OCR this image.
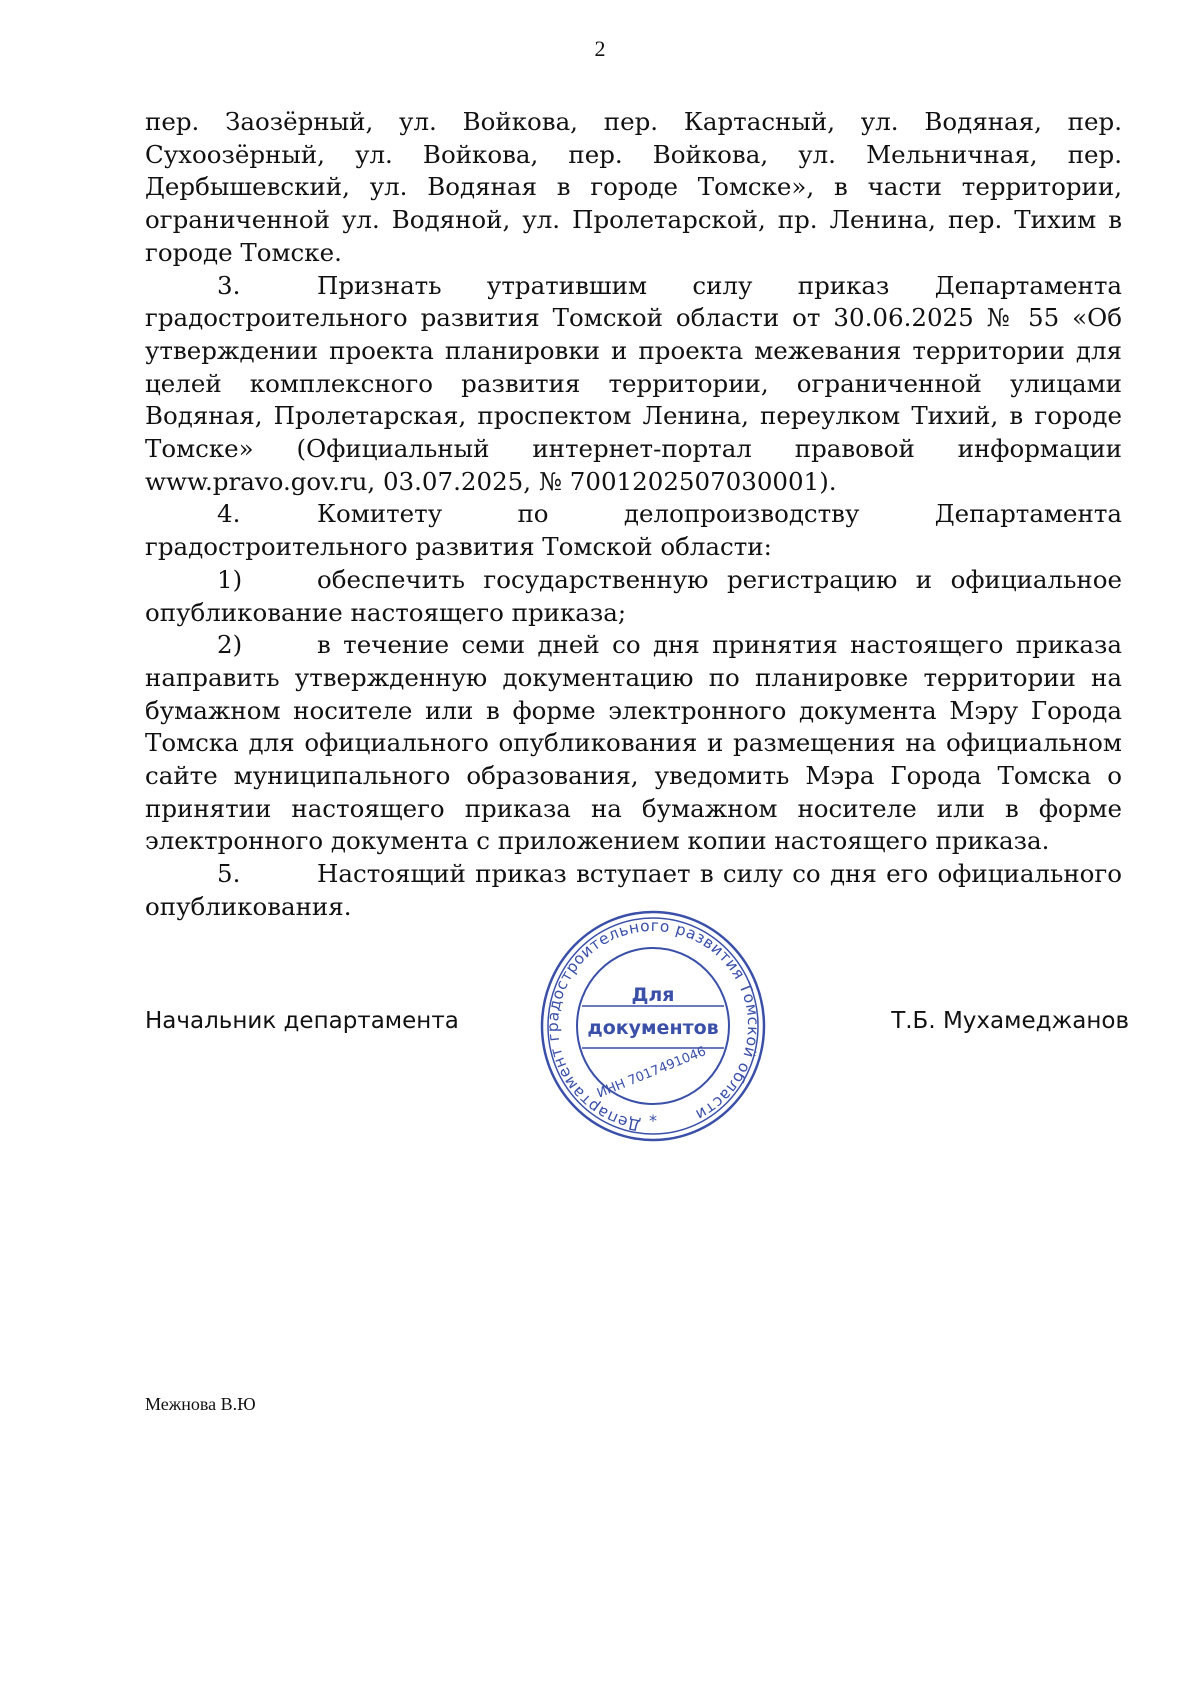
2

пер. Заозёрный, ул. Войкова, пер. Картасный, ул. Водяная, пер. Сухоозёрный, ул. Войкова, пер. Войкова, ул. Мельничная, пер. Дербышевский, ул. Водяная в городе Томске», в части территории, ограниченной ул. Водяной, ул. Пролетарской, пр. Ленина, пер. Тихим в городе Томске.

3.	Признать утратившим силу приказ Департамента градостроительного развития Томской области от 30.06.2025 № 55 «Об утверждении проекта планировки и проекта межевания территории для целей комплексного развития территории, ограниченной улицами Водяная, Пролетарская, проспектом Ленина, переулком Тихий, в городе Томске» (Официальный интернет-портал правовой информации www.pravo.gov.ru, 03.07.2025, № 7001202507030001).

4.	Комитету по делопроизводству Департамента градостроительного развития Томской области:

1)	обеспечить государственную регистрацию и официальное опубликование настоящего приказа;

2)	в течение семи дней со дня принятия настоящего приказа направить утвержденную документацию по планировке территории на бумажном носителе или в форме электронного документа Мэру Города Томска для официального опубликования и размещения на официальном сайте муниципального образования, уведомить Мэра Города Томска о принятии настоящего приказа на бумажном носителе или в форме электронного документа с приложением копии настоящего приказа.

5.	Настоящий приказ вступает в силу со дня его официального опубликования.

Начальник департамента	Т.Б. Мухамеджанов
Департамент градостроительного развития Томской области
Для
документов
ИНН 7017491046
*
Межнова В.Ю
